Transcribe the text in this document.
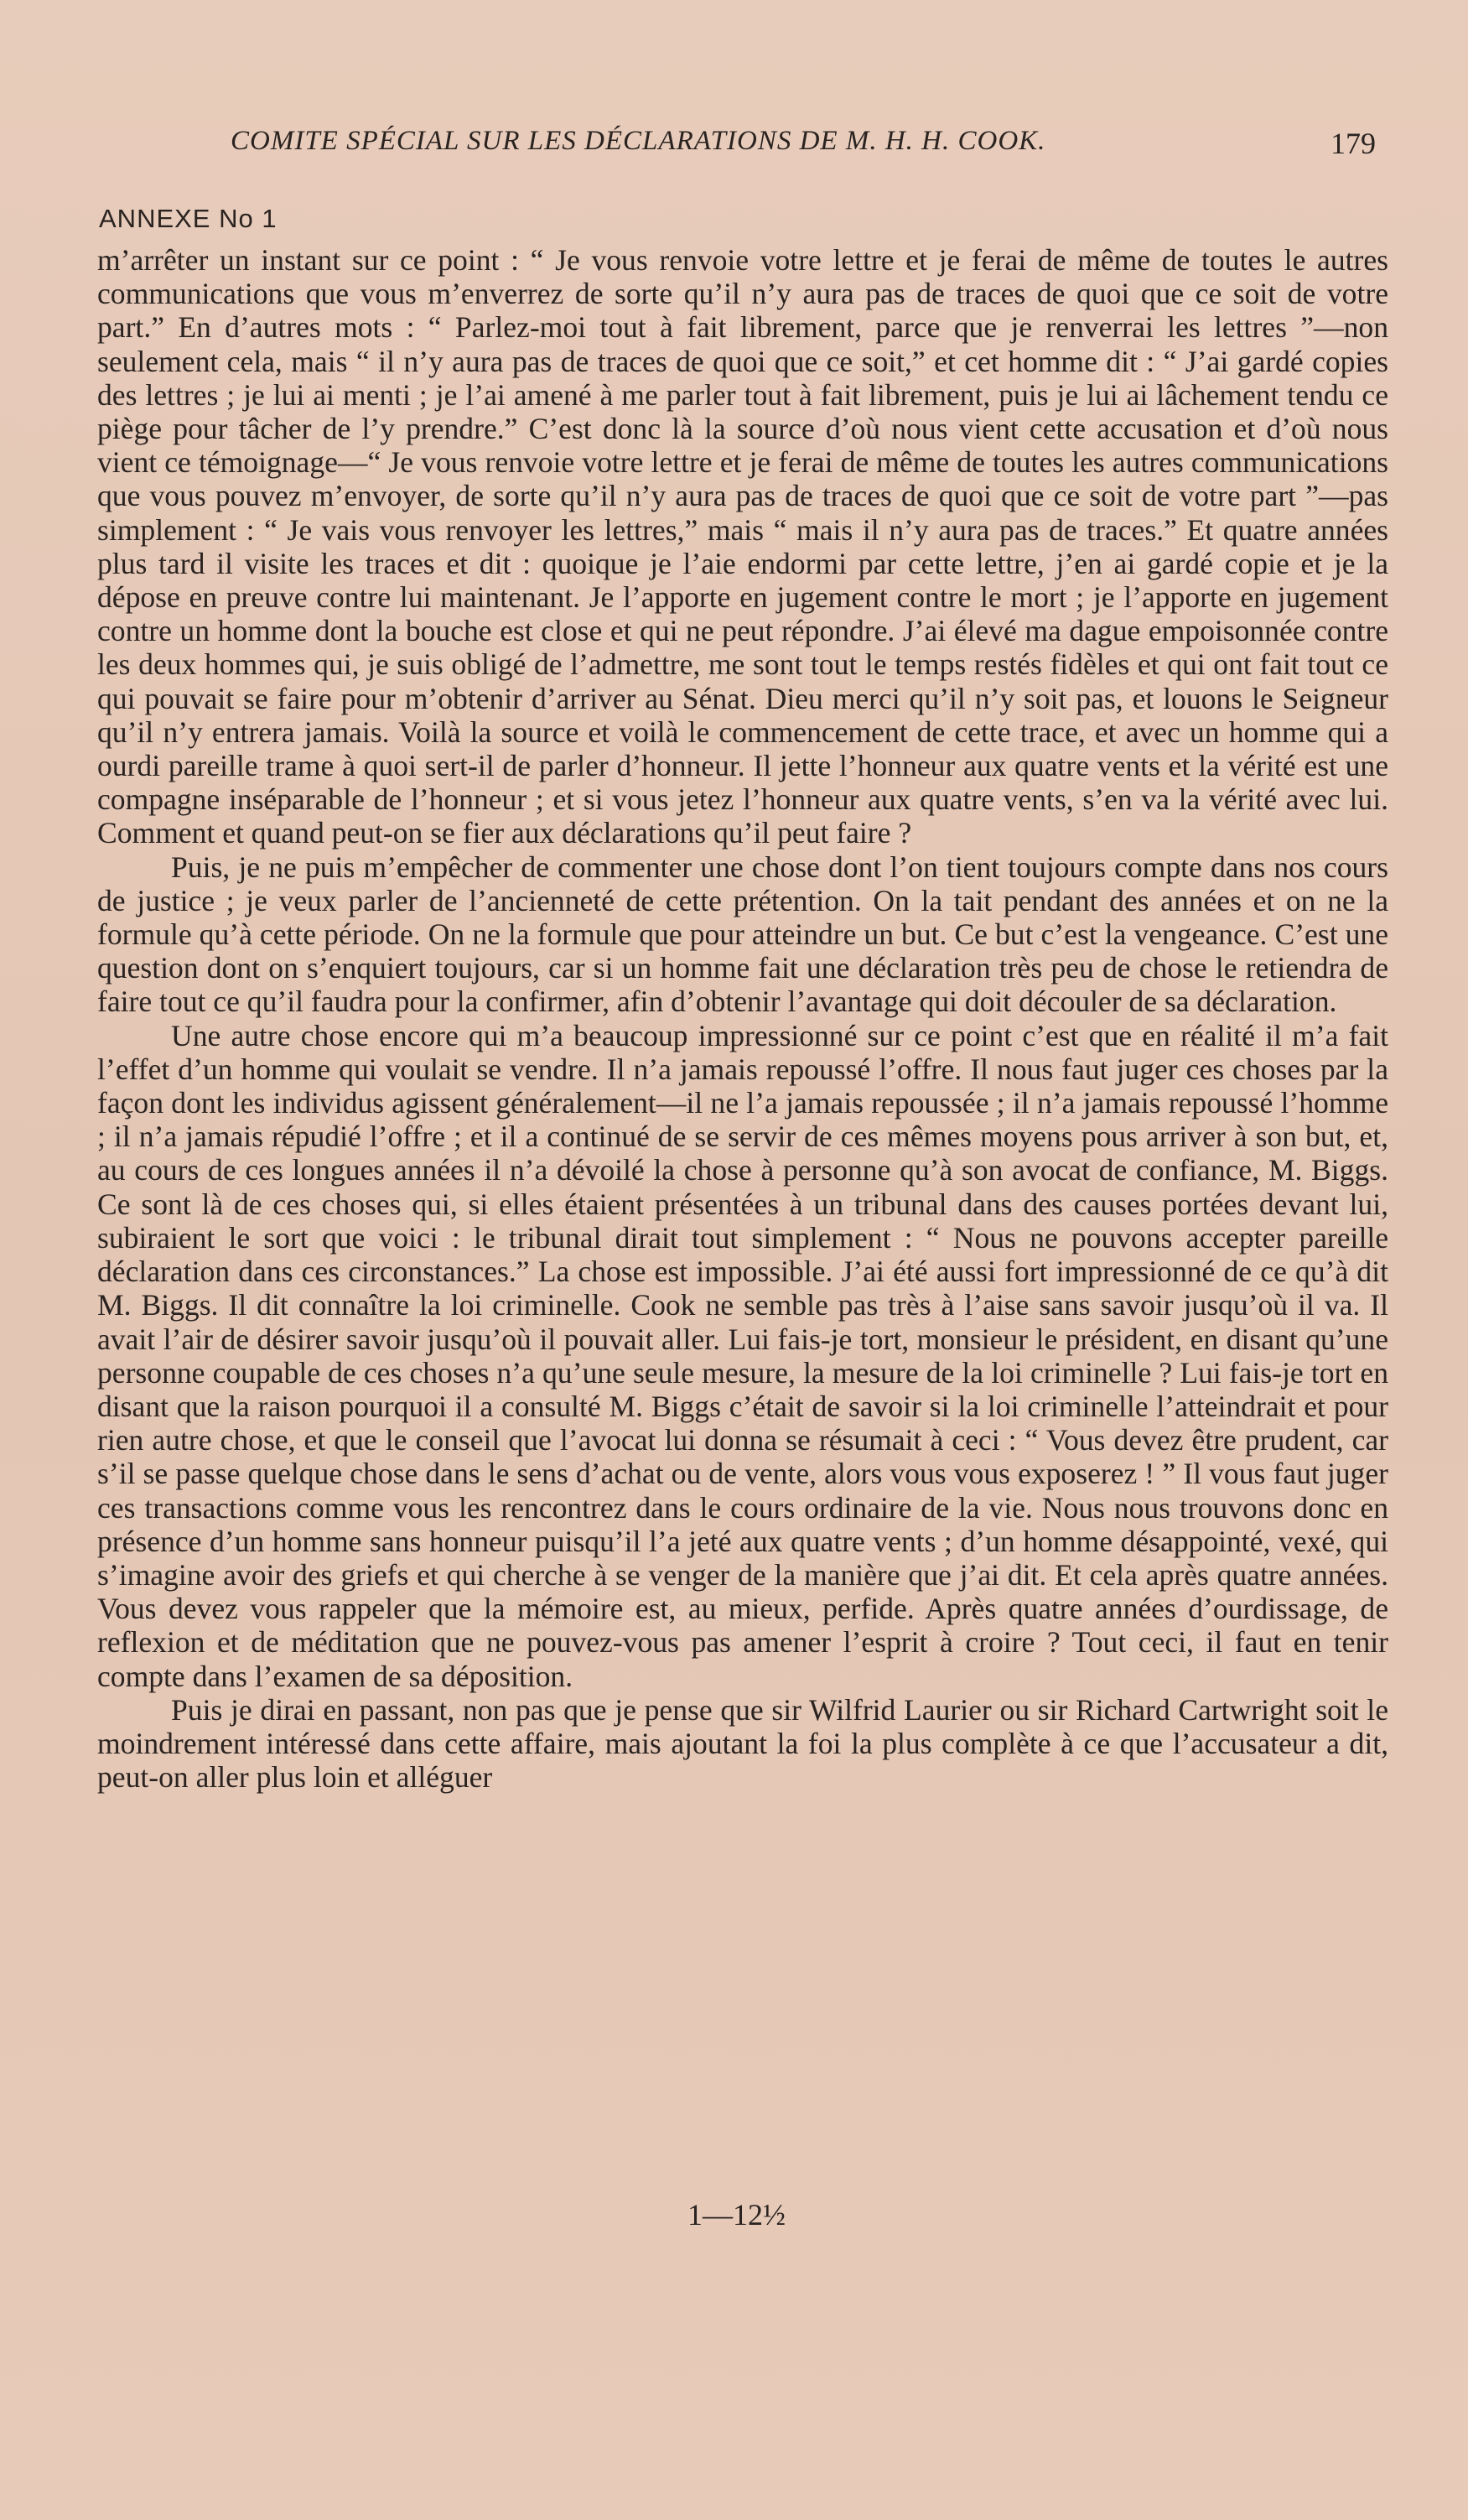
COMITE SPÉCIAL SUR LES DÉCLARATIONS DE M. H. H. COOK.	179
ANNEXE No 1

m’arrêter un instant sur ce point : “ Je vous renvoie votre lettre et je ferai de même de toutes le autres communications que vous m’enverrez de sorte qu’il n’y aura pas de traces de quoi que ce soit de votre part.” En d’autres mots : “ Parlez-moi tout à fait librement, parce que je renverrai les lettres ”—non seulement cela, mais “ il n’y aura pas de traces de quoi que ce soit,” et cet homme dit : “ J’ai gardé copies des lettres ; je lui ai menti ; je l’ai amené à me parler tout à fait librement, puis je lui ai lâchement tendu ce piège pour tâcher de l’y prendre.” C’est donc là la source d’où nous vient cette accusation et d’où nous vient ce témoignage—“ Je vous renvoie votre lettre et je ferai de même de toutes les autres communications que vous pouvez m’envoyer, de sorte qu’il n’y aura pas de traces de quoi que ce soit de votre part ”—pas simplement : “ Je vais vous renvoyer les lettres,” mais “ mais il n’y aura pas de traces.” Et quatre années plus tard il visite les traces et dit : quoique je l’aie endormi par cette lettre, j’en ai gardé copie et je la dépose en preuve contre lui maintenant. Je l’apporte en jugement contre le mort ; je l’apporte en jugement contre un homme dont la bouche est close et qui ne peut répondre. J’ai élevé ma dague empoisonnée contre les deux hommes qui, je suis obligé de l’admettre, me sont tout le temps restés fidèles et qui ont fait tout ce qui pouvait se faire pour m’obtenir d’arriver au Sénat. Dieu merci qu’il n’y soit pas, et louons le Seigneur qu’il n’y entrera jamais. Voilà la source et voilà le commencement de cette trace, et avec un homme qui a ourdi pareille trame à quoi sert-il de parler d’honneur. Il jette l’honneur aux quatre vents et la vérité est une compagne inséparable de l’honneur ; et si vous jetez l’honneur aux quatre vents, s’en va la vérité avec lui. Comment et quand peut-on se fier aux déclarations qu’il peut faire ?

Puis, je ne puis m’empêcher de commenter une chose dont l’on tient toujours compte dans nos cours de justice ; je veux parler de l’ancienneté de cette prétention. On la tait pendant des années et on ne la formule qu’à cette période. On ne la formule que pour atteindre un but. Ce but c’est la vengeance. C’est une question dont on s’enquiert toujours, car si un homme fait une déclaration très peu de chose le retiendra de faire tout ce qu’il faudra pour la confirmer, afin d’obtenir l’avantage qui doit découler de sa déclaration.

Une autre chose encore qui m’a beaucoup impressionné sur ce point c’est que en réalité il m’a fait l’effet d’un homme qui voulait se vendre. Il n’a jamais repoussé l’offre. Il nous faut juger ces choses par la façon dont les individus agissent généralement—il ne l’a jamais repoussée ; il n’a jamais repoussé l’homme ; il n’a jamais répudié l’offre ; et il a continué de se servir de ces mêmes moyens pous arriver à son but, et, au cours de ces longues années il n’a dévoilé la chose à personne qu’à son avocat de confiance, M. Biggs. Ce sont là de ces choses qui, si elles étaient présentées à un tribunal dans des causes portées devant lui, subiraient le sort que voici : le tribunal dirait tout simplement : “ Nous ne pouvons accepter pareille déclaration dans ces circonstances.” La chose est impossible. J’ai été aussi fort impressionné de ce qu’à dit M. Biggs. Il dit connaître la loi criminelle. Cook ne semble pas très à l’aise sans savoir jusqu’où il va. Il avait l’air de désirer savoir jusqu’où il pouvait aller. Lui fais-je tort, monsieur le président, en disant qu’une personne coupable de ces choses n’a qu’une seule mesure, la mesure de la loi criminelle ? Lui fais-je tort en disant que la raison pourquoi il a consulté M. Biggs c’était de savoir si la loi criminelle l’atteindrait et pour rien autre chose, et que le conseil que l’avocat lui donna se résumait à ceci : “ Vous devez être prudent, car s’il se passe quelque chose dans le sens d’achat ou de vente, alors vous vous exposerez ! ” Il vous faut juger ces transactions comme vous les rencontrez dans le cours ordinaire de la vie. Nous nous trouvons donc en présence d’un homme sans honneur puisqu’il l’a jeté aux quatre vents ; d’un homme désappointé, vexé, qui s’imagine avoir des griefs et qui cherche à se venger de la manière que j’ai dit. Et cela après quatre années. Vous devez vous rappeler que la mémoire est, au mieux, perfide. Après quatre années d’ourdissage, de reflexion et de méditation que ne pouvez-vous pas amener l’esprit à croire ? Tout ceci, il faut en tenir compte dans l’examen de sa déposition.

Puis je dirai en passant, non pas que je pense que sir Wilfrid Laurier ou sir Richard Cartwright soit le moindrement intéressé dans cette affaire, mais ajoutant la foi la plus complète à ce que l’accusateur a dit, peut-on aller plus loin et alléguer

1—12½
